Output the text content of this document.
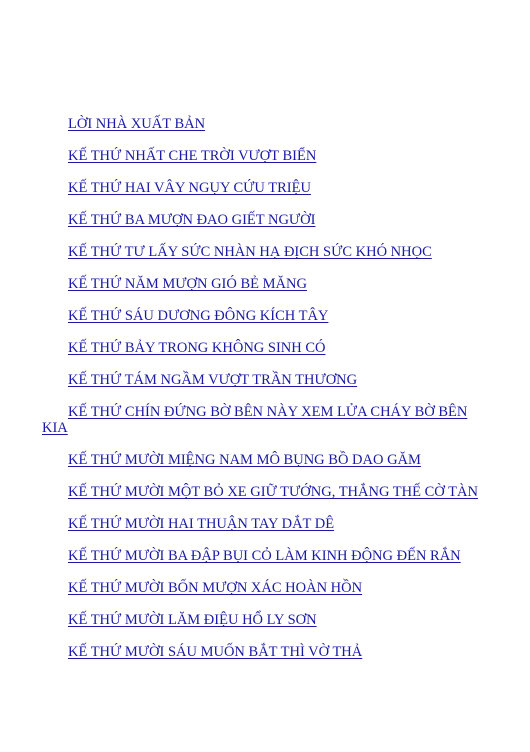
LỜI NHÀ XUẤT BẢN
KẾ THỨ NHẤT CHE TRỜI VƯỢT BIỂN
KẾ THỨ HAI VÂY NGỤY CỨU TRIỆU
KẾ THỨ BA MƯỢN ĐAO GIẾT NGƯỜI
KẾ THỨ TƯ LẤY SỨC NHÀN HẠ ĐỊCH SỨC KHÓ NHỌC
KẾ THỨ NĂM MƯỢN GIÓ BẺ MĂNG
KẾ THỨ SÁU DƯƠNG ĐÔNG KÍCH TÂY
KẾ THỨ BẢY TRONG KHÔNG SINH CÓ
KẾ THỨ TÁM NGẦM VƯỢT TRẦN THƯƠNG
KẾ THỨ CHÍN ĐỨNG BỜ BÊN NÀY XEM LỬA CHÁY BỜ BÊN KIA
KẾ THỨ MƯỜI MIỆNG NAM MÔ BỤNG BỒ DAO GĂM
KẾ THỨ MƯỜI MỘT BỎ XE GIỮ TƯỚNG, THẮNG THẾ CỜ TÀN
KẾ THỨ MƯỜI HAI THUẬN TAY DẮT DÊ
KẾ THỨ MƯỜI BA ĐẬP BỤI CỎ LÀM KINH ĐỘNG ĐẾN RẮN
KẾ THỨ MƯỜI BỐN MƯỢN XÁC HOÀN HỒN
KẾ THỨ MƯỜI LĂM ĐIỆU HỔ LY SƠN
KẾ THỨ MƯỜI SÁU MUỐN BẮT THÌ VỜ THẢ
